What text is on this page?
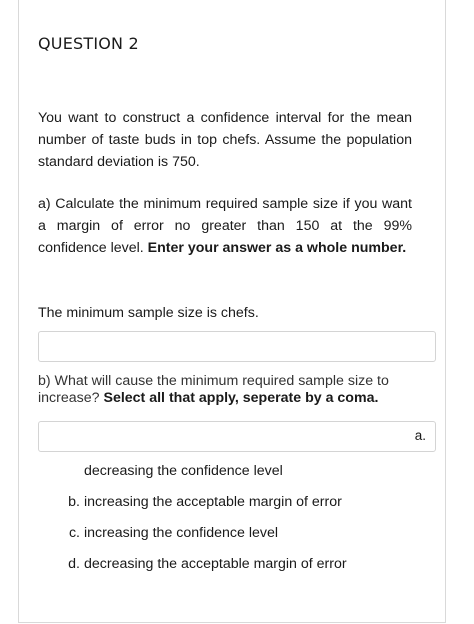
QUESTION 2
You want to construct a confidence interval for the mean number of taste buds in top chefs. Assume the population standard deviation is 750.
a) Calculate the minimum required sample size if you want a margin of error no greater than 150 at the 99% confidence level. Enter your answer as a whole number.
The minimum sample size is chefs.
b) What will cause the minimum required sample size to increase? Select all that apply, seperate by a coma.
a.
decreasing the confidence level
b. increasing the acceptable margin of error
c. increasing the confidence level
d. decreasing the acceptable margin of error
